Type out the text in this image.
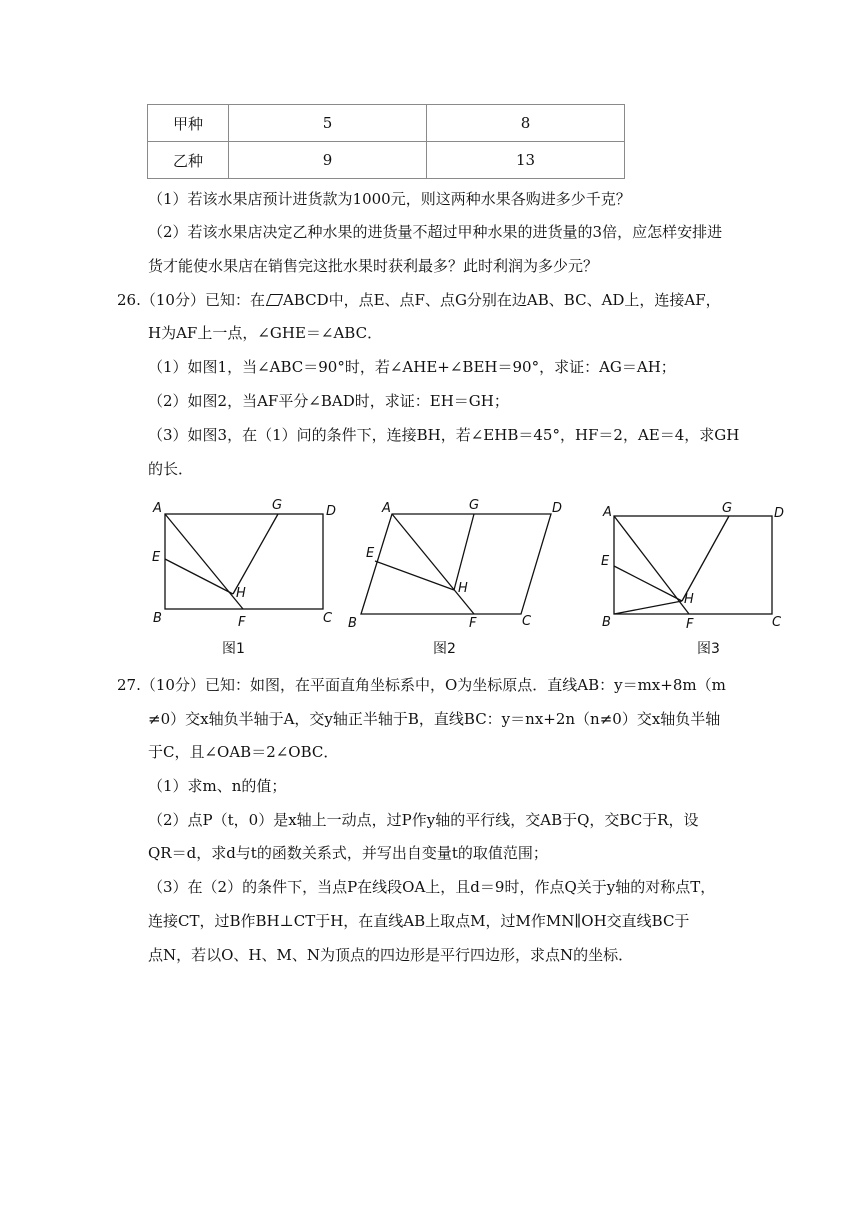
甲种	5	8
乙种	9	13
（1）若该水果店预计进货款为1000元，则这两种水果各购进多少千克？
（2）若该水果店决定乙种水果的进货量不超过甲种水果的进货量的3倍，应怎样安排进
货才能使水果店在销售完这批水果时获利最多？此时利润为多少元？
26.（10分）已知：在 ABCD中，点E、点F、点G分别在边AB、BC、AD上，连接AF，
H为AF上一点，∠GHE＝∠ABC．
（1）如图1，当∠ABC＝90°时，若∠AHE+∠BEH＝90°，求证：AG＝AH；
（2）如图2，当AF平分∠BAD时，求证：EH＝GH；
（3）如图3，在（1）问的条件下，连接BH，若∠EHB＝45°，HF＝2，AE＝4，求GH
的长．
A	G	D
E
H
B	F	C
图1
A	G	D
E
H
B	F	C
图2
A	G	D
E
H
B	F	C
图3
27.（10分）已知：如图，在平面直角坐标系中，O为坐标原点．直线AB：y＝mx+8m（m
≠0）交x轴负半轴于A，交y轴正半轴于B，直线BC：y＝nx+2n（n≠0）交x轴负半轴
于C，且∠OAB＝2∠OBC．
（1）求m、n的值；
（2）点P（t，0）是x轴上一动点，过P作y轴的平行线，交AB于Q，交BC于R，设
QR＝d，求d与t的函数关系式，并写出自变量t的取值范围；
（3）在（2）的条件下，当点P在线段OA上，且d＝9时，作点Q关于y轴的对称点T，
连接CT，过B作BH⊥CT于H，在直线AB上取点M，过M作MN∥OH交直线BC于
点N，若以O、H、M、N为顶点的四边形是平行四边形，求点N的坐标．
